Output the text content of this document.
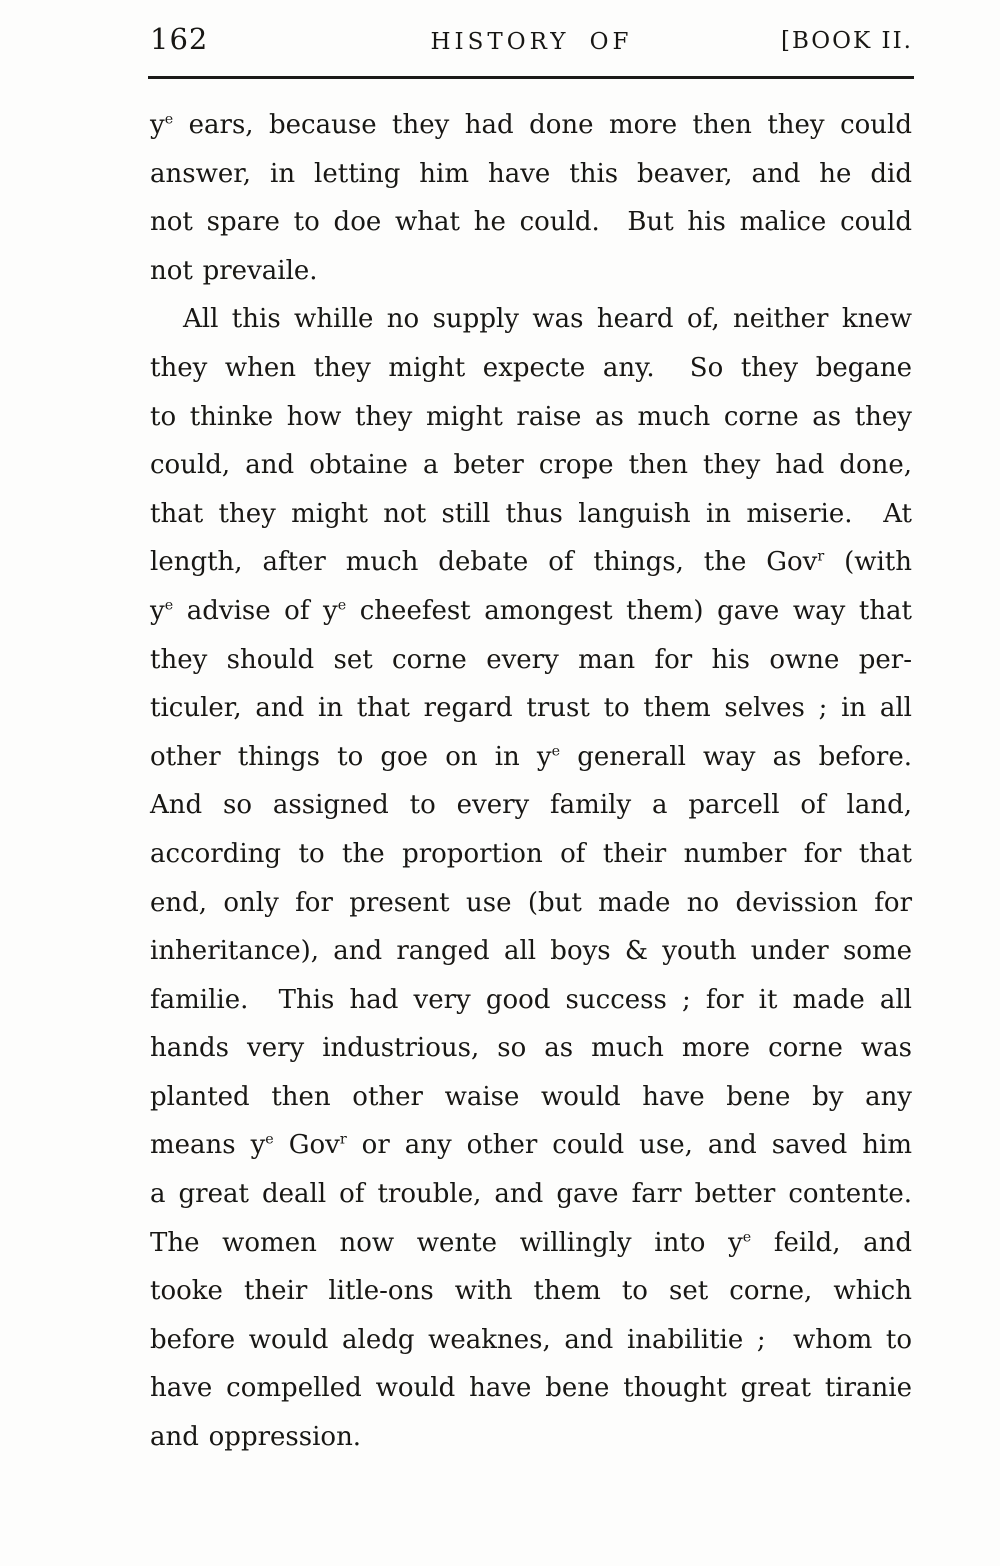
162	HISTORY OF	[BOOK II.
$y^e$ ears, because they had done more then they could
answer, in letting him have this beaver, and he did
not spare to doe what he could.  But his malice could
not prevaile.
All this whille no supply was heard of, neither knew
they when they might expecte any.  So they begane
to thinke how they might raise as much corne as they
could, and obtaine a beter crope then they had done,
that they might not still thus languish in miserie.  At
length, after much debate of things, the Gov$^r$ (with
$y^e$ advise of $y^e$ cheefest amongest them) gave way that
they should set corne every man for his owne per-
ticuler, and in that regard trust to them selves ; in all
other things to goe on in $y^e$ generall way as before.
And so assigned to every family a parcell of land,
according to the proportion of their number for that
end, only for present use (but made no devission for
inheritance), and ranged all boys & youth under some
familie.  This had very good success ; for it made all
hands very industrious, so as much more corne was
planted then other waise would have bene by any
means $y^e$ Gov$^r$ or any other could use, and saved him
a great deall of trouble, and gave farr better contente.
The women now wente willingly into $y^e$ feild, and
tooke their litle-ons with them to set corne, which
before would aledg weaknes, and inabilitie ;  whom to
have compelled would have bene thought great tiranie
and oppression.
